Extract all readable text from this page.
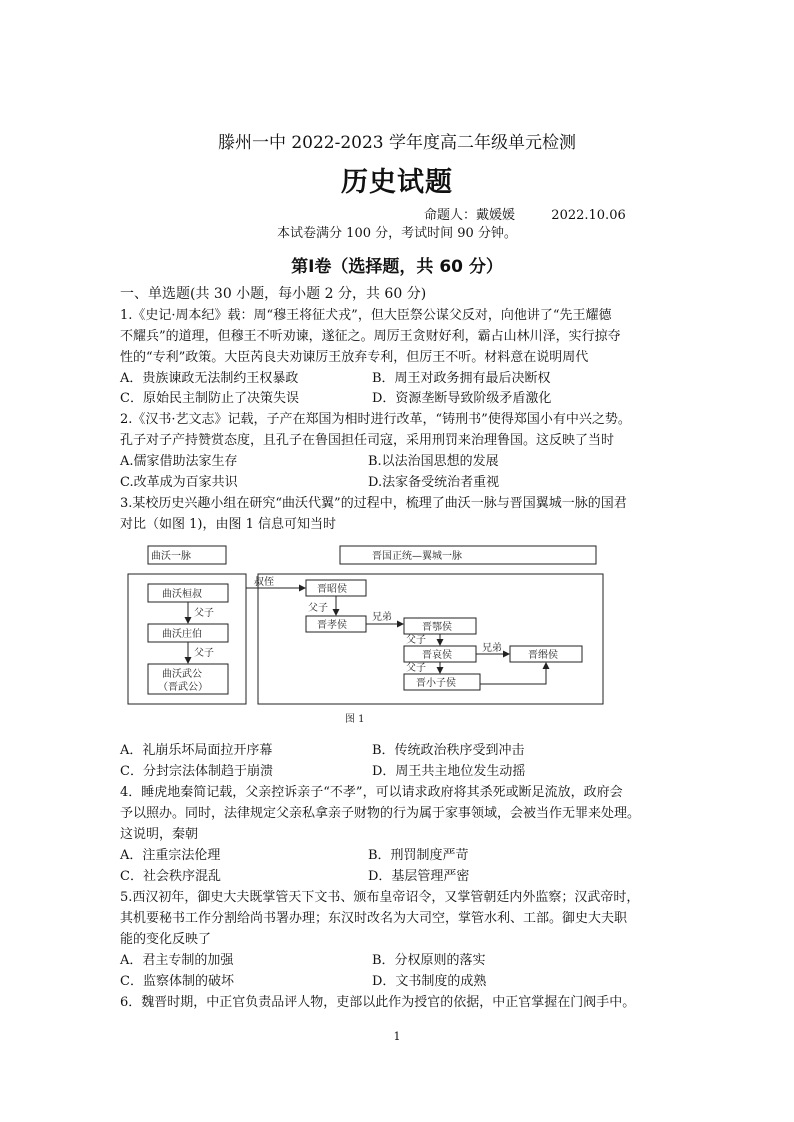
滕州一中 2022-2023 学年度高二年级单元检测
历史试题
命题人：戴媛媛	2022.10.06
本试卷满分 100 分，考试时间 90 分钟。
第Ⅰ卷（选择题，共 60 分）
一、单选题(共 30 小题，每小题 2 分，共 60 分)
1.《史记·周本纪》载：周“穆王将征犬戎”，但大臣祭公谋父反对，向他讲了“先王耀德
不耀兵”的道理，但穆王不听劝谏，遂征之。周厉王贪财好利，霸占山林川泽，实行掠夺
性的“专利”政策。大臣芮良夫劝谏厉王放弃专利，但厉王不听。材料意在说明周代
A．贵族谏政无法制约王权暴政	B．周王对政务拥有最后决断权
C．原始民主制防止了决策失误	D．资源垄断导致阶级矛盾激化
2.《汉书·艺文志》记载，子产在郑国为相时进行改革，“铸刑书”使得郑国小有中兴之势。
孔子对子产持赞赏态度，且孔子在鲁国担任司寇，采用刑罚来治理鲁国。这反映了当时
A.儒家借助法家生存	B.以法治国思想的发展
C.改革成为百家共识	D.法家备受统治者重视
3.某校历史兴趣小组在研究“曲沃代翼”的过程中，梳理了曲沃一脉与晋国翼城一脉的国君
对比（如图 1)，由图 1 信息可知当时
曲沃一脉	晋国正统—翼城一脉
曲沃桓叔
曲沃庄伯
曲沃武公
（晋武公）
晋昭侯
晋孝侯	晋鄂侯
晋哀侯
晋小子侯
晋缗侯
父子
父子
父子
父子
父子
兄弟
兄弟
叔侄
图 1
A．礼崩乐坏局面拉开序幕	B．传统政治秩序受到冲击
C．分封宗法体制趋于崩溃	D．周王共主地位发生动摇
4．睡虎地秦简记载，父亲控诉亲子“不孝”，可以请求政府将其杀死或断足流放，政府会
予以照办。同时，法律规定父亲私拿亲子财物的行为属于家事领域，会被当作无罪来处理。
这说明，秦朝
A．注重宗法伦理	B．刑罚制度严苛
C．社会秩序混乱	D．基层管理严密
5.西汉初年，御史大夫既掌管天下文书、颁布皇帝诏令，又掌管朝廷内外监察；汉武帝时，
其机要秘书工作分割给尚书署办理；东汉时改名为大司空，掌管水利、工部。御史大夫职
能的变化反映了
A．君主专制的加强	B．分权原则的落实
C．监察体制的破坏	D．文书制度的成熟
6．魏晋时期，中正官负责品评人物，吏部以此作为授官的依据，中正官掌握在门阀手中。
1
